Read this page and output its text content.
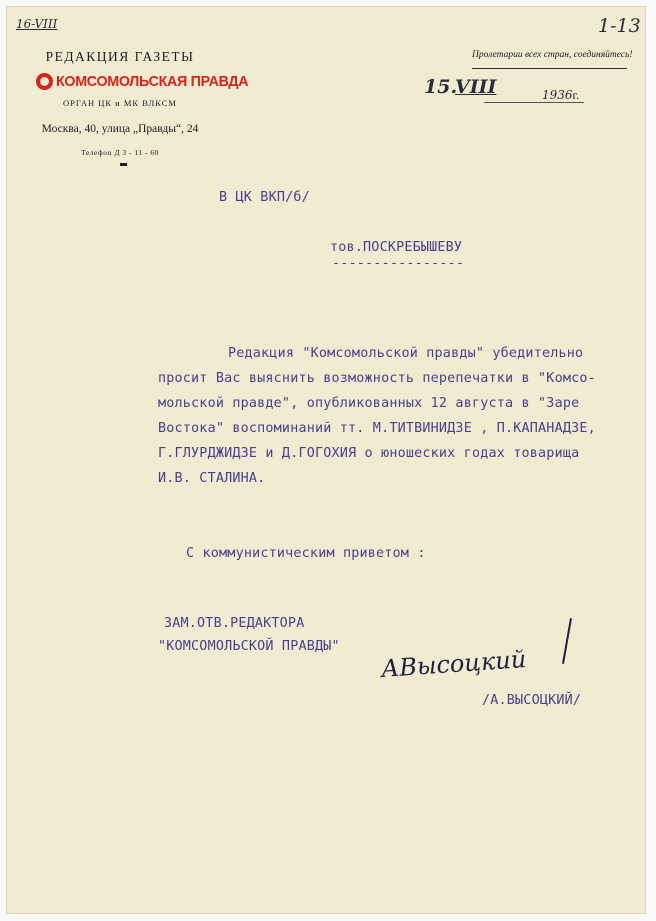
16-VIII	1-13
РЕДАКЦИЯ ГАЗЕТЫ
КОМСОМОЛЬСКАЯ ПРАВДА
ОРГАН ЦК и МК ВЛКСМ
Москва, 40, улица „Правды“, 24
Телефон Д 3 - 11 - 60
Пролетарии всех стран, соединяйтесь!
15.
VIII	1936г.
В ЦК ВКП/б/
тов.ПОСКРЕБЫШЕВУ
----------------
Редакция "Комсомольской правды" убедительно
просит Вас выяснить возможность перепечатки в "Комсо-
мольской правде", опубликованных 12 августа в "Заре
Востока" воспоминаний тт. М.ТИТВИНИДЗЕ , П.КАПАНАДЗЕ,
Г.ГЛУРДЖИДЗЕ и Д.ГОГОХИЯ о юношеских годах товарища
И.В. СТАЛИНА.
С коммунистическим приветом :
ЗАМ.ОТВ.РЕДАКТОРА
"КОМСОМОЛЬСКОЙ ПРАВДЫ" АВысоцкий
/А.ВЫСОЦКИЙ/
